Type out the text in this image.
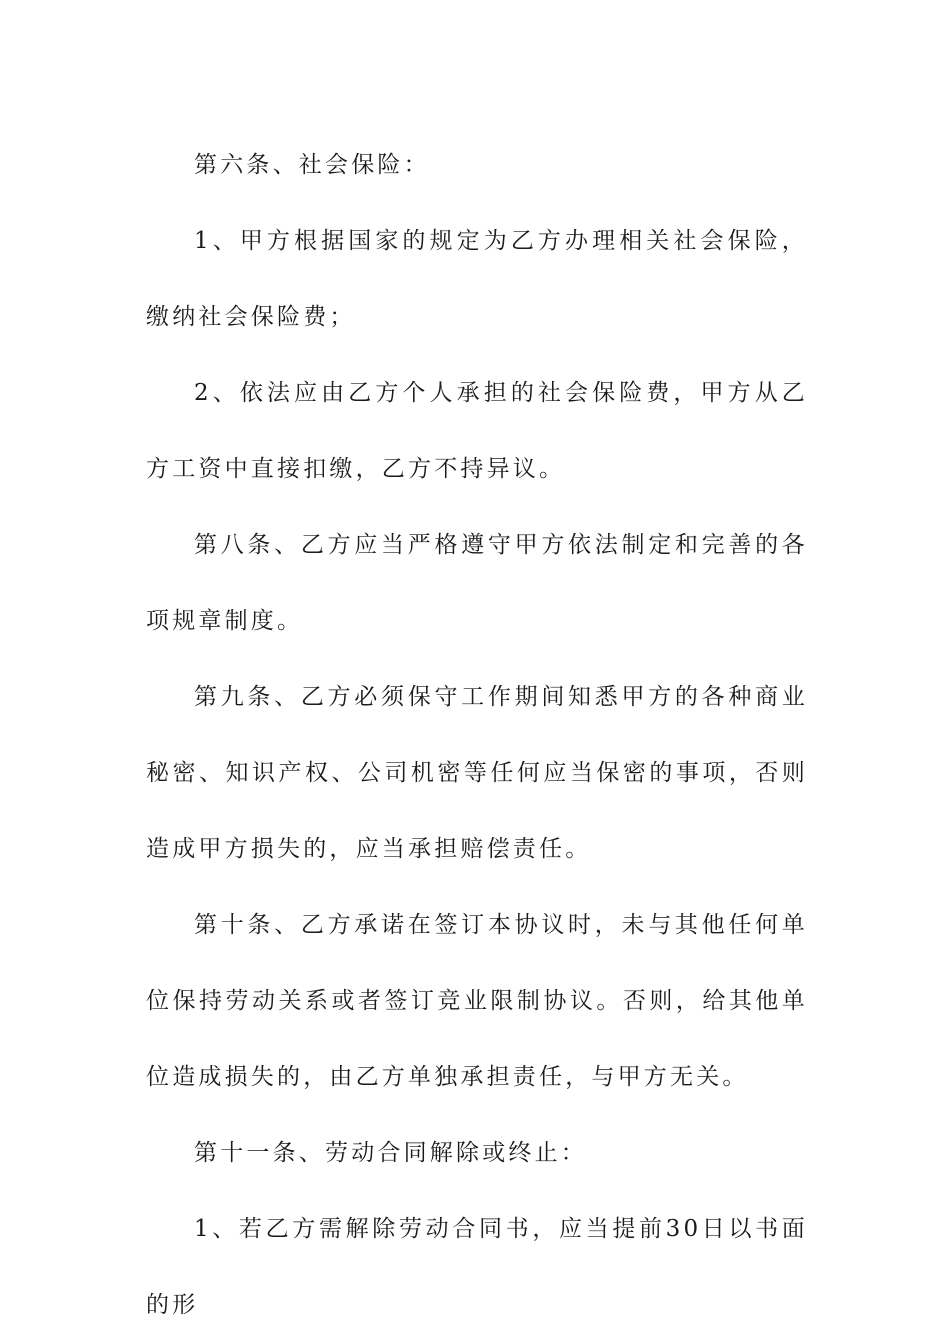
第六条、社会保险：

1、甲方根据国家的规定为乙方办理相关社会保险，缴纳社会保险费；

2、依法应由乙方个人承担的社会保险费，甲方从乙方工资中直接扣缴，乙方不持异议。

第八条、乙方应当严格遵守甲方依法制定和完善的各项规章制度。

第九条、乙方必须保守工作期间知悉甲方的各种商业秘密、知识产权、公司机密等任何应当保密的事项，否则造成甲方损失的，应当承担赔偿责任。

第十条、乙方承诺在签订本协议时，未与其他任何单位保持劳动关系或者签订竞业限制协议。否则，给其他单位造成损失的，由乙方单独承担责任，与甲方无关。

第十一条、劳动合同解除或终止：

1、若乙方需解除劳动合同书，应当提前30日以书面的形
